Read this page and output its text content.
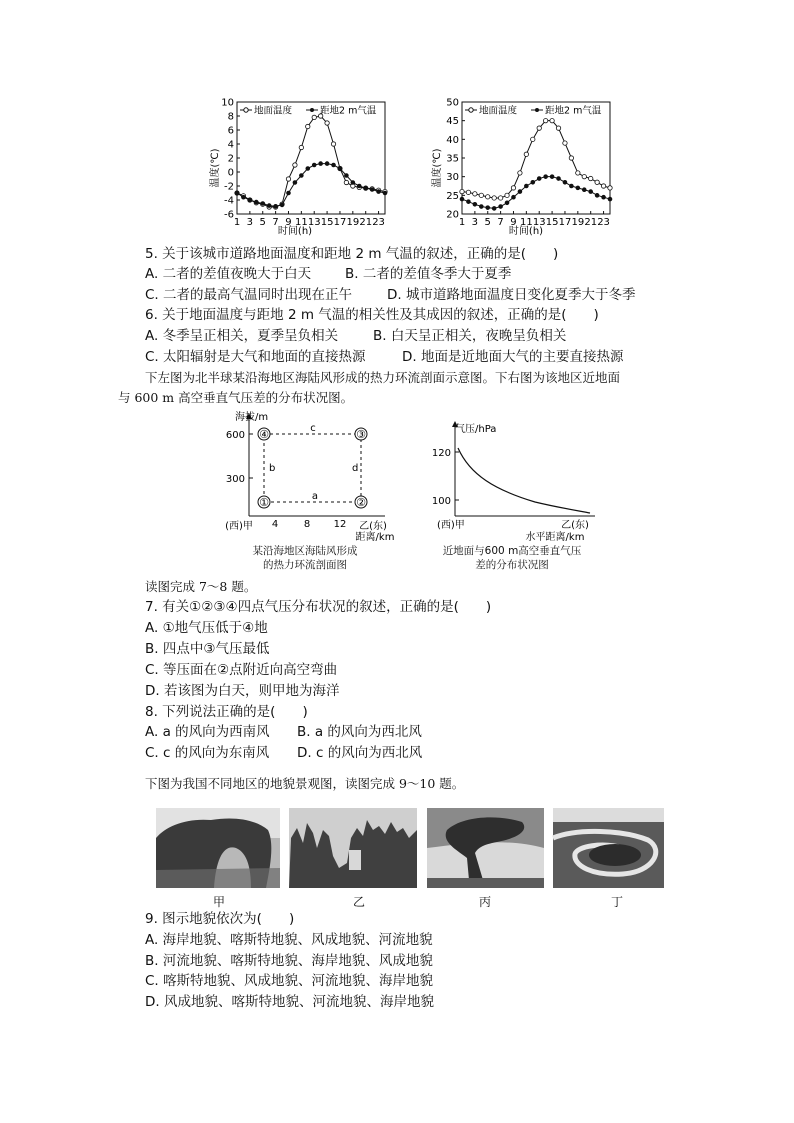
-6
-4
-2
0
2
4
6
8
10
1 3 5 7 9 11 13 15 17 19 21 23
地面温度	距地2 m气温
温度(℃)
时间(h)
20
25
30
35
40
45
50
1 3 5 7 9 11 13 15 17 19 21 23
地面温度	距地2 m气温
温度(℃)
时间(h)
5. 关于该城市道路地面温度和距地 2 m 气温的叙述，正确的是(　　)
A. 二者的差值夜晚大于白天	B. 二者的差值冬季大于夏季
C. 二者的最高气温同时出现在正午	D. 城市道路地面温度日变化夏季大于冬季
6. 关于地面温度与距地 2 m 气温的相关性及其成因的叙述，正确的是(　　)
A. 冬季呈正相关，夏季呈负相关	B. 白天呈正相关，夜晚呈负相关
C. 太阳辐射是大气和地面的直接热源	D. 地面是近地面大气的主要直接热源
下左图为北半球某沿海地区海陆风形成的热力环流剖面示意图。下右图为该地区近地面
与 600 m 高空垂直气压差的分布状况图。
海拔/m
600
300
④	③
①	②
a
b
c
d
(西)甲 4	8 12 乙(东)
距离/km
某沿海地区海陆风形成
的热力环流剖面图
气压/hPa
120
100
(西)甲	乙(东)
水平距离/km
近地面与600 m高空垂直气压
差的分布状况图
读图完成 7～8 题。
7. 有关①②③④四点气压分布状况的叙述，正确的是(　　)
A. ①地气压低于④地
B. 四点中③气压最低
C. 等压面在②点附近向高空弯曲
D. 若该图为白天，则甲地为海洋
8. 下列说法正确的是(　　)
A. a 的风向为西南风 B. a 的风向为西北风
C. c 的风向为东南风 D. c 的风向为西北风
下图为我国不同地区的地貌景观图，读图完成 9～10 题。
甲	乙	丙	丁
9. 图示地貌依次为(　　)
A. 海岸地貌、喀斯特地貌、风成地貌、河流地貌
B. 河流地貌、喀斯特地貌、海岸地貌、风成地貌
C. 喀斯特地貌、风成地貌、河流地貌、海岸地貌
D. 风成地貌、喀斯特地貌、河流地貌、海岸地貌
